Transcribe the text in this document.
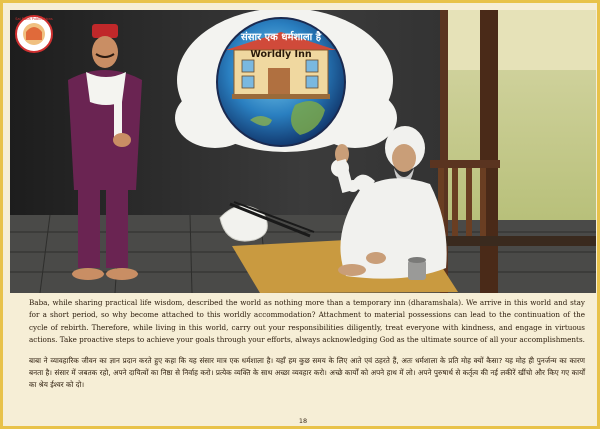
संसार एक धर्मशाला है
Worldly Inn
Sai Baba Publications

Baba, while sharing practical life wisdom, described the world as nothing more than a temporary inn (dharamshala). We arrive in this world and stay for a short period, so why become attached to this worldly accommodation? Attachment to material possessions can lead to the continuation of the cycle of rebirth. Therefore, while living in this world, carry out your responsibilities diligently, treat everyone with kindness, and engage in virtuous actions. Take proactive steps to achieve your goals through your efforts, always acknowledging God as the ultimate source of all your accomplishments.

बाबा ने व्यावहारिक जीवन का ज्ञान प्रदान करते हुए कहा कि यह संसार मात्र एक धर्मशाला है। यहाँ हम कुछ समय के लिए आते एवं ठहरते हैं, अतः धर्मशाला के प्रति मोह क्यों कैसा? यह मोह ही पुनर्जन्म का कारण बनता है। संसार में जबतक रहो, अपने दायित्वों का निष्ठा से निर्वाह करो। प्रत्येक व्यक्ति के साथ अच्छा व्यवहार करो। अच्छे कार्यों को अपने हाथ में लो। अपने पुरुषार्थ से कर्तृत्व की नई लकीरें खींचो और किए गए कार्यों का श्रेय ईश्वर को दो।

18
